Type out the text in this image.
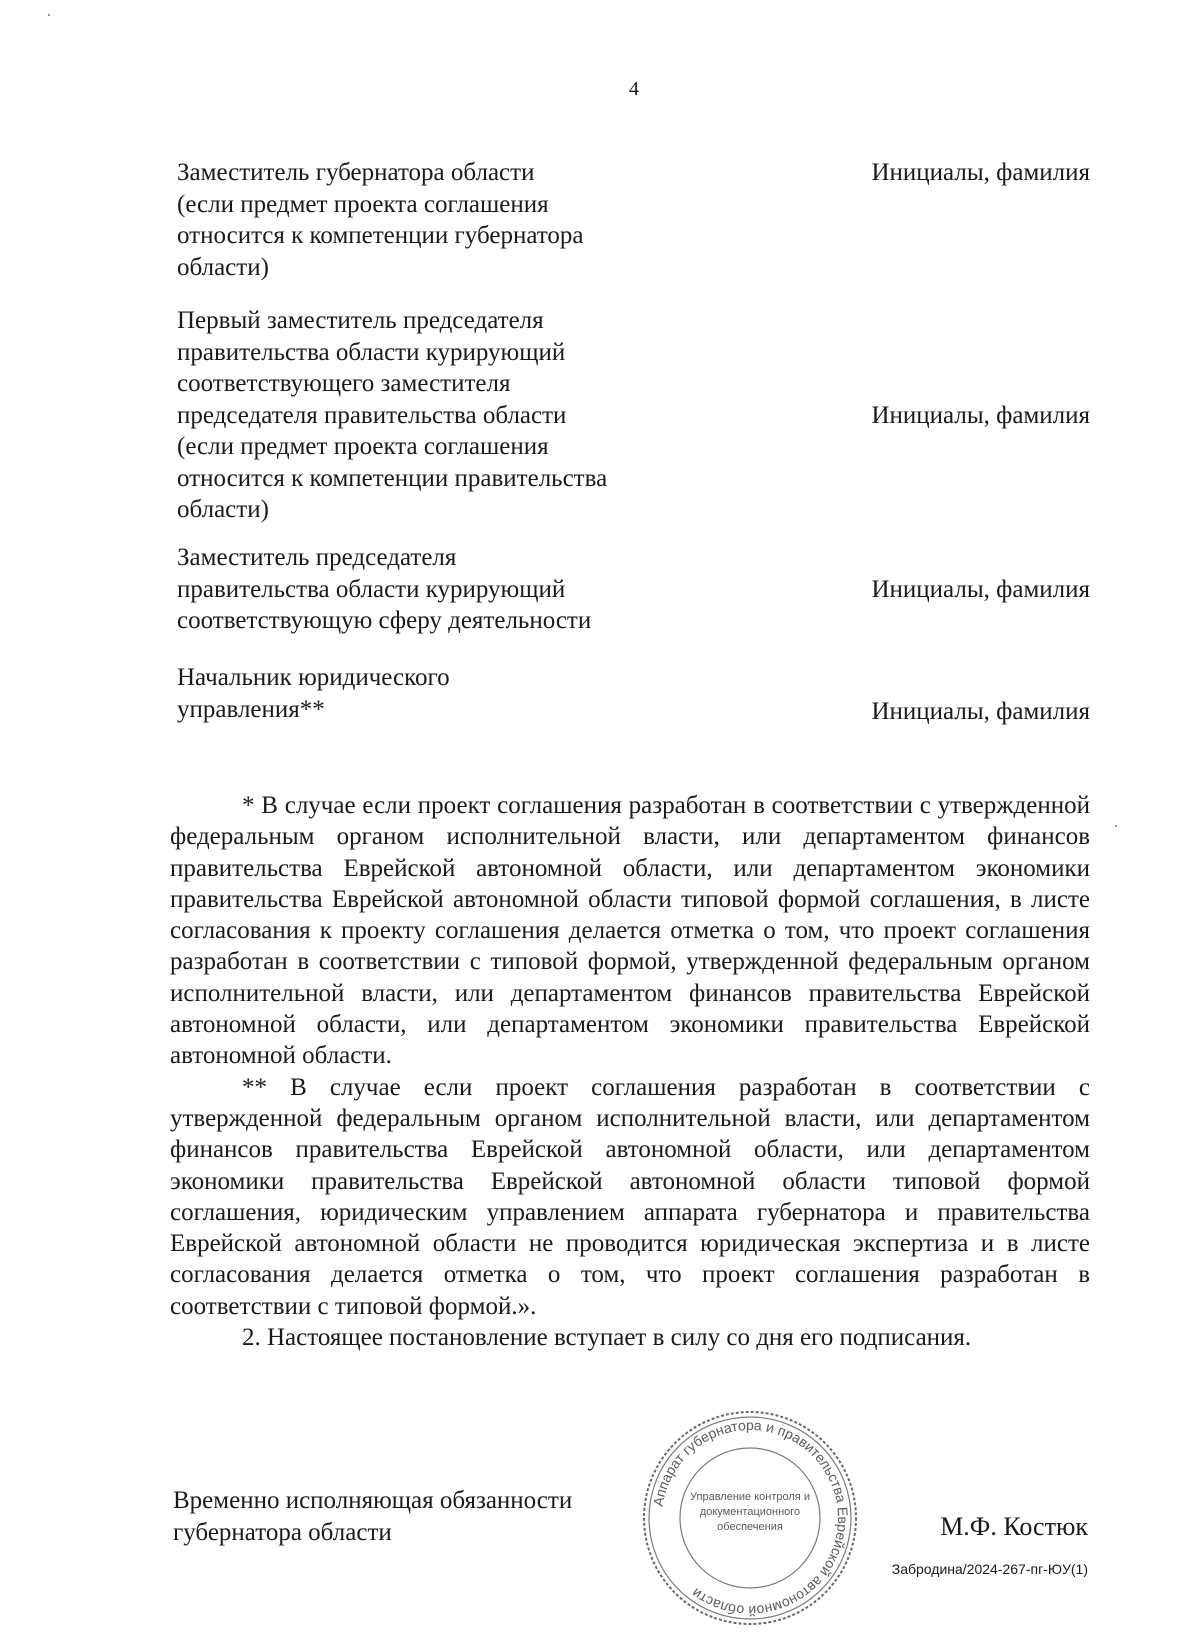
4
Заместитель губернатора области
(если предмет проекта соглашения
относится к компетенции губернатора
области)
Инициалы, фамилия
Первый заместитель председателя
правительства области курирующий
соответствующего заместителя
председателя правительства области
(если предмет проекта соглашения
относится к компетенции правительства
области)
Инициалы, фамилия
Заместитель председателя
правительства области курирующий
соответствующую сферу деятельности
Инициалы, фамилия
Начальник юридического
управления**	Инициалы, фамилия

* В случае если проект соглашения разработан в соответствии с утвержденной федеральным органом исполнительной власти, или департаментом финансов правительства Еврейской автономной области, или департаментом экономики правительства Еврейской автономной области типовой формой соглашения, в листе согласования к проекту соглашения делается отметка о том, что проект соглашения разработан в соответствии с типовой формой, утвержденной федеральным органом исполнительной власти, или департаментом финансов правительства Еврейской автономной области, или департаментом экономики правительства Еврейской автономной области.

** В случае если проект соглашения разработан в соответствии с утвержденной федеральным органом исполнительной власти, или департаментом финансов правительства Еврейской автономной области, или департаментом экономики правительства Еврейской автономной области типовой формой соглашения, юридическим управлением аппарата губернатора и правительства Еврейской автономной области не проводится юридическая экспертиза и в листе согласования делается отметка о том, что проект соглашения разработан в соответствии с типовой формой.».

2. Настоящее постановление вступает в силу со дня его подписания.

Временно исполняющая обязанности
губернатора области
Аппарат губернатора и правительства Еврейской автономной области
Управление контроля и
документационного
обеспечения	М.Ф. Костюк
Забродина/2024-267-пг-ЮУ(1)
